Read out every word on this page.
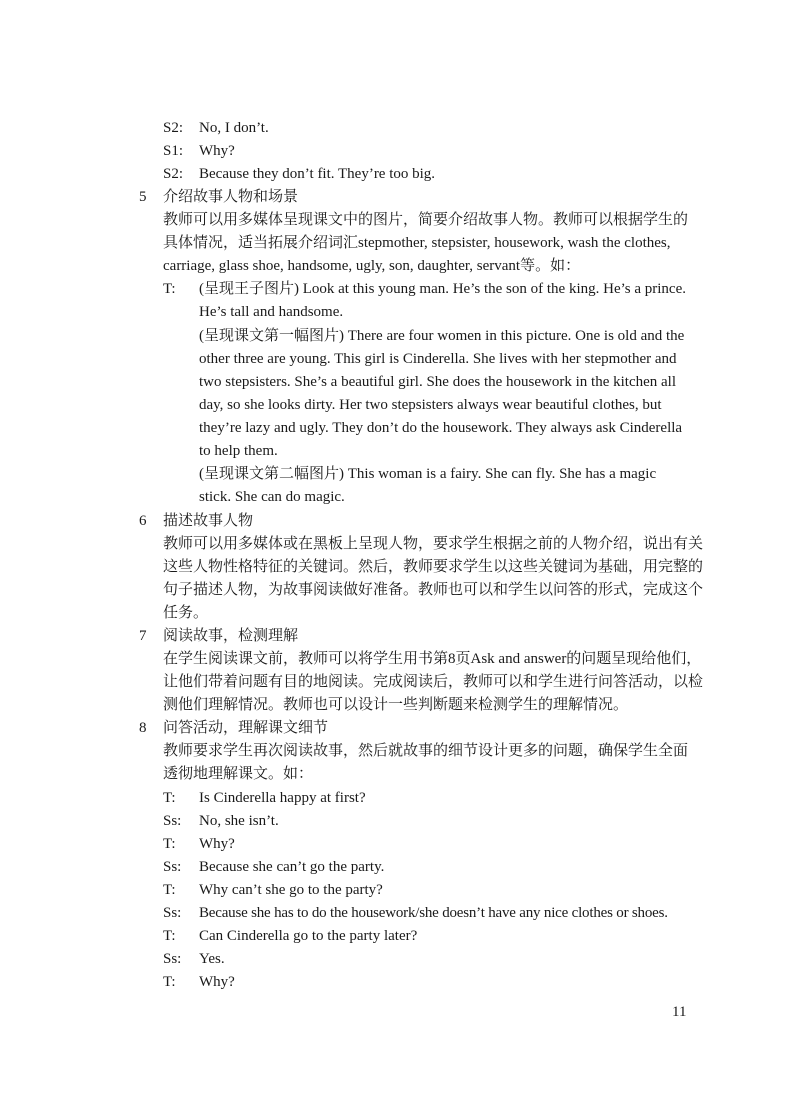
S2: No, I don’t.
S1: Why?
S2: Because they don’t fit. They’re too big.
5 介绍故事人物和场景
教师可以用多媒体呈现课文中的图片，简要介绍故事人物。教师可以根据学生的
具体情况，适当拓展介绍词汇stepmother, stepsister, housework, wash the clothes,
carriage, glass shoe, handsome, ugly, son, daughter, servant等。如：
T: (呈现王子图片) Look at this young man. He’s the son of the king. He’s a prince.
He’s tall and handsome.
(呈现课文第一幅图片) There are four women in this picture. One is old and the
other three are young. This girl is Cinderella. She lives with her stepmother and
two stepsisters. She’s a beautiful girl. She does the housework in the kitchen all
day, so she looks dirty. Her two stepsisters always wear beautiful clothes, but
they’re lazy and ugly. They don’t do the housework. They always ask Cinderella
to help them.
(呈现课文第二幅图片) This woman is a fairy. She can fly. She has a magic
stick. She can do magic.
6 描述故事人物
教师可以用多媒体或在黑板上呈现人物，要求学生根据之前的人物介绍，说出有关
这些人物性格特征的关键词。然后，教师要求学生以这些关键词为基础，用完整的
句子描述人物，为故事阅读做好准备。教师也可以和学生以问答的形式，完成这个
任务。
7 阅读故事，检测理解
在学生阅读课文前，教师可以将学生用书第8页Ask and answer的问题呈现给他们，
让他们带着问题有目的地阅读。完成阅读后，教师可以和学生进行问答活动，以检
测他们理解情况。教师也可以设计一些判断题来检测学生的理解情况。
8 问答活动，理解课文细节
教师要求学生再次阅读故事，然后就故事的细节设计更多的问题，确保学生全面
透彻地理解课文。如：
T: Is Cinderella happy at first?
Ss: No, she isn’t.
T: Why?
Ss: Because she can’t go the party.
T: Why can’t she go to the party?
Ss: Because she has to do the housework/she doesn’t have any nice clothes or shoes.
T: Can Cinderella go to the party later?
Ss: Yes.
T: Why?
11
